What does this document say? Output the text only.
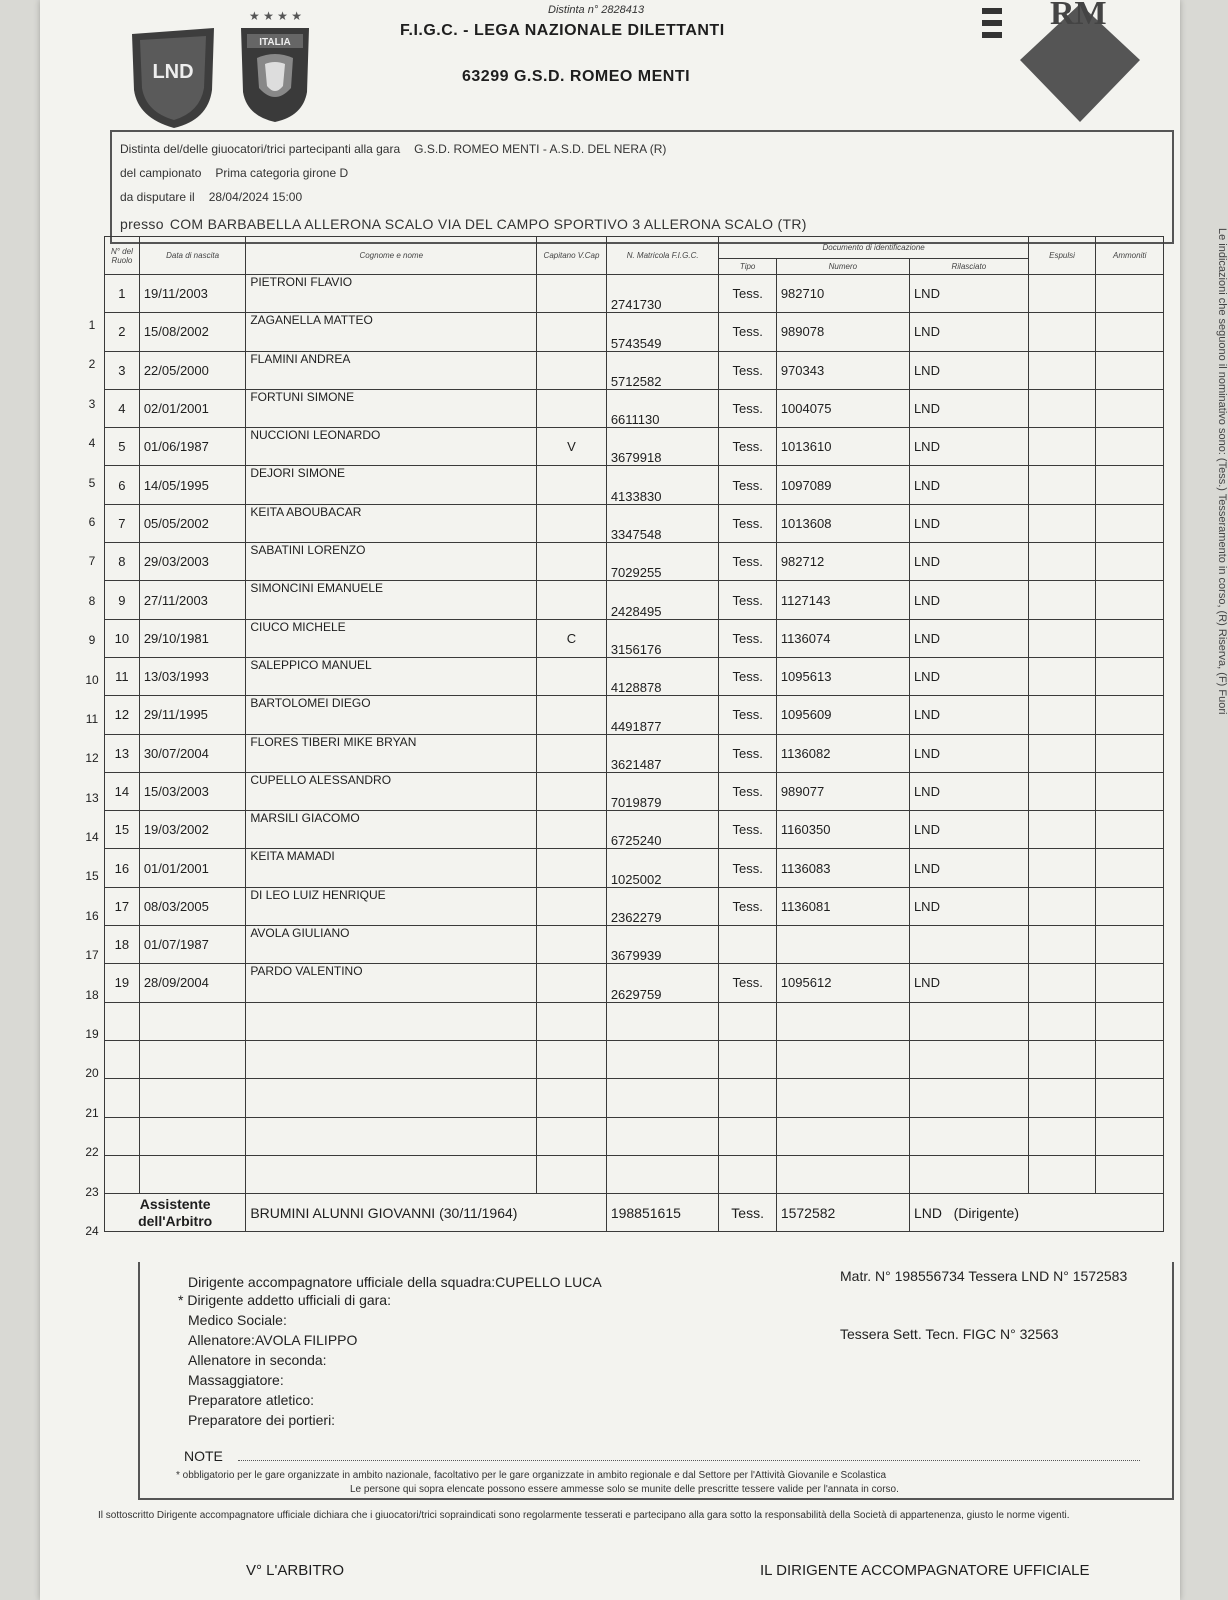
LND
★ ★ ★ ★
ITALIA
RM
Distinta n° 2828413
F.I.G.C. - LEGA NAZIONALE DILETTANTI
63299 G.S.D. ROMEO MENTI
Distinta del/delle giuocatori/trici partecipanti alla gara G.S.D. ROMEO MENTI - A.S.D. DEL NERA (R)
del campionato Prima categoria girone D
da disputare il 28/04/2024 15:00
presso COM BARBABELLA ALLERONA SCALO VIA DEL CAMPO SPORTIVO 3 ALLERONA SCALO (TR)
Le indicazioni che seguono il nominativo sono: (Tess.) Tesseramento in corso, (R) Riserva, (F) Fuori
1
2
3
4
5
6
7
8
9
10
11
12
13
14
15
16
17
18
19
20
21
22
23
24
N° del Ruolo	Data di nascita	Cognome e nome	Capitano V.Cap	N. Matricola F.I.G.C.	Documento di identificazione			Espulsi	Ammoniti
					Tipo	Numero	Rilasciato		
1	19/11/2003	PIETRONI FLAVIO		2741730	Tess.	982710	LND		
2	15/08/2002	ZAGANELLA MATTEO		5743549	Tess.	989078	LND		
3	22/05/2000	FLAMINI ANDREA		5712582	Tess.	970343	LND		
4	02/01/2001	FORTUNI SIMONE		6611130	Tess.	1004075	LND		
5	01/06/1987	NUCCIONI LEONARDO	V	3679918	Tess.	1013610	LND		
6	14/05/1995	DEJORI SIMONE		4133830	Tess.	1097089	LND		
7	05/05/2002	KEITA ABOUBACAR		3347548	Tess.	1013608	LND		
8	29/03/2003	SABATINI LORENZO		7029255	Tess.	982712	LND		
9	27/11/2003	SIMONCINI EMANUELE		2428495	Tess.	1127143	LND		
10	29/10/1981	CIUCO MICHELE	C	3156176	Tess.	1136074	LND		
11	13/03/1993	SALEPPICO MANUEL		4128878	Tess.	1095613	LND		
12	29/11/1995	BARTOLOMEI DIEGO		4491877	Tess.	1095609	LND		
13	30/07/2004	FLORES TIBERI MIKE BRYAN		3621487	Tess.	1136082	LND		
14	15/03/2003	CUPELLO ALESSANDRO		7019879	Tess.	989077	LND		
15	19/03/2002	MARSILI GIACOMO		6725240	Tess.	1160350	LND		
16	01/01/2001	KEITA MAMADI		1025002	Tess.	1136083	LND		
17	08/03/2005	DI LEO LUIZ HENRIQUE		2362279	Tess.	1136081	LND		
18	01/07/1987	AVOLA GIULIANO		3679939					
19	28/09/2004	PARDO VALENTINO		2629759	Tess.	1095612	LND		

Assistente dell'Arbitro		BRUMINI ALUNNI GIOVANNI (30/11/1964)		198851615	Tess.	1572582	LND   (Dirigente)		
Dirigente accompagnatore ufficiale della squadra:CUPELLO LUCA	Matr. N° 198556734 Tessera LND N° 1572583
* Dirigente addetto ufficiali di gara:
Medico Sociale:
Allenatore:AVOLA FILIPPO	Tessera Sett. Tecn. FIGC N° 32563
Allenatore in seconda:
Massaggiatore:
Preparatore atletico:
Preparatore dei portieri:
NOTE
* obbligatorio per le gare organizzate in ambito nazionale, facoltativo per le gare organizzate in ambito regionale e dal Settore per l'Attività Giovanile e Scolastica
Le persone qui sopra elencate possono essere ammesse solo se munite delle prescritte tessere valide per l'annata in corso.
Il sottoscritto Dirigente accompagnatore ufficiale dichiara che i giuocatori/trici sopraindicati sono regolarmente tesserati e partecipano alla gara sotto la responsabilità della Società di appartenenza, giusto le norme vigenti.
V° L'ARBITRO	IL DIRIGENTE ACCOMPAGNATORE UFFICIALE
